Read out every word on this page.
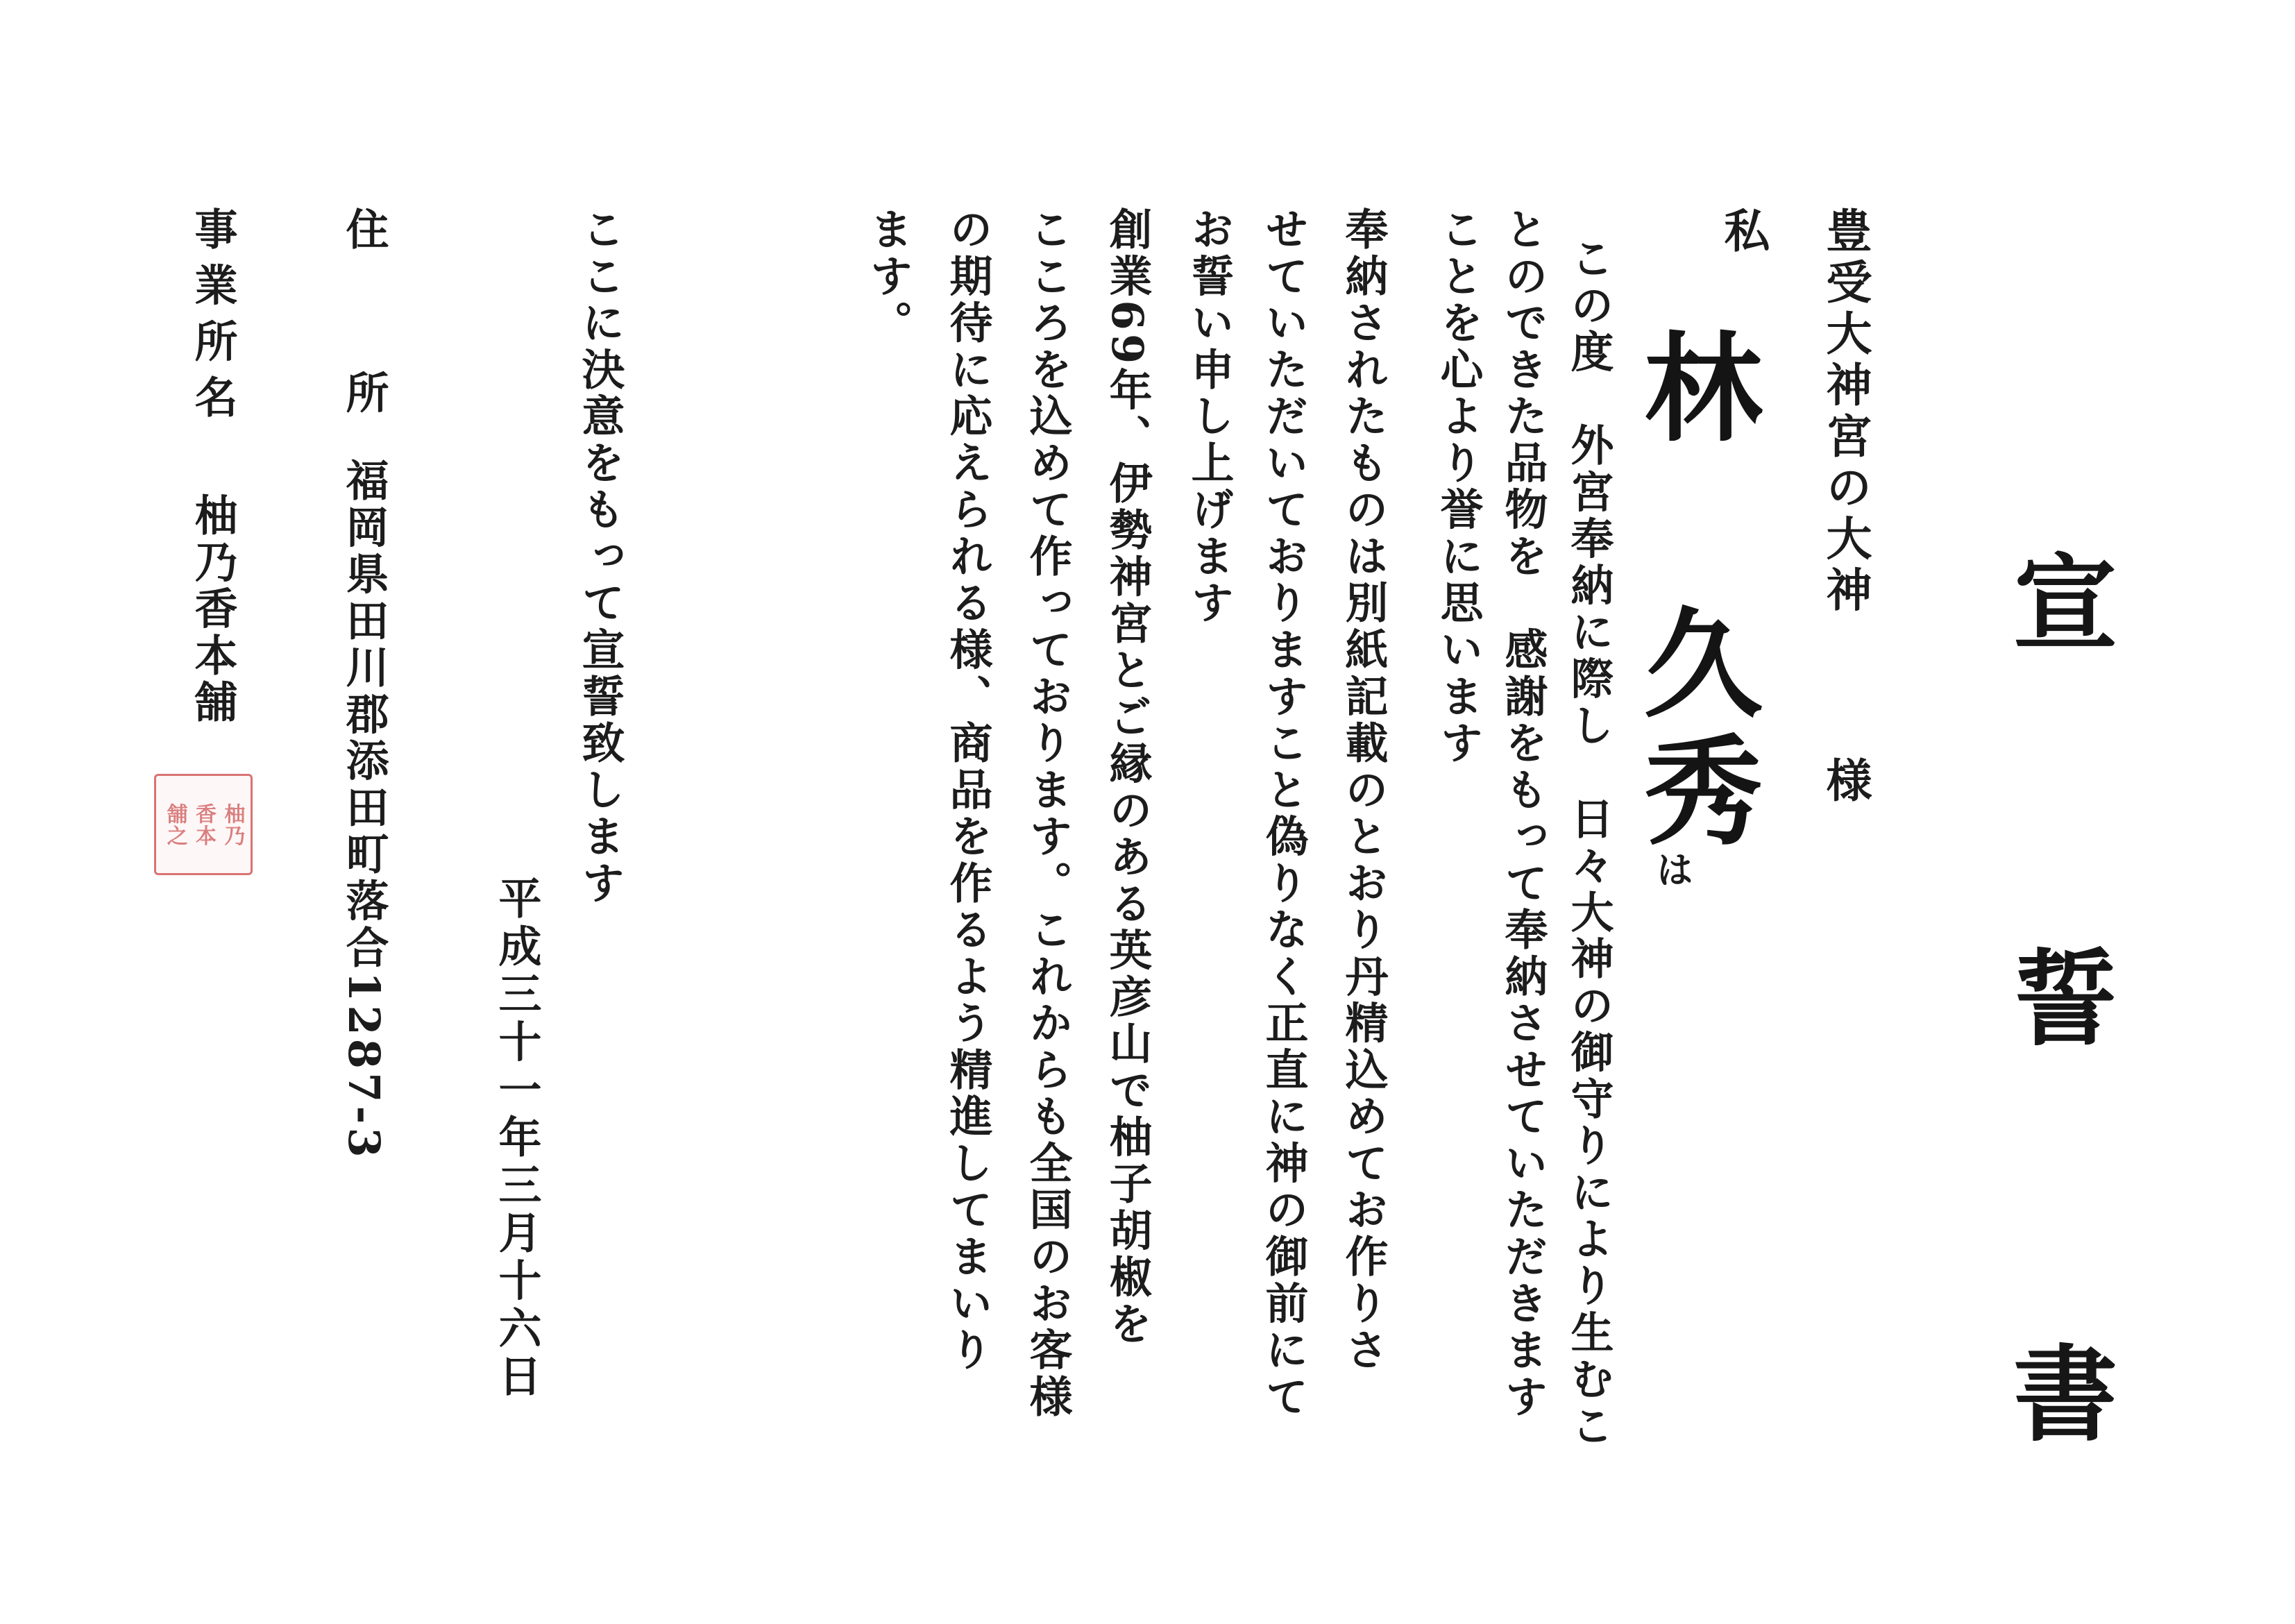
宣　誓　書
豊受大神宮の大神
様
私
林 久秀
は
この度　外宮奉納に際し　日々大神の御守りにより生むこ
とのできた品物を　感謝をもって奉納させていただきます
ことを心より誉に思います
奉納されたものは別紙記載のとおり丹精込めてお作りさ
せていただいておりますこと偽りなく正直に神の御前にて
お誓い申し上げます
創業69年、伊勢神宮とご縁のある英彦山で柚子胡椒を
こころを込めて作っております。これからも全国のお客様
の期待に応えられる様、商品を作るよう精進してまいり
ます。
ここに決意をもって宣誓致します
平成三十一年三月十六日
住　所
福岡県田川郡添田町落合1287-3
事業所名
柚乃香本舗
柚乃
香本
舗之
